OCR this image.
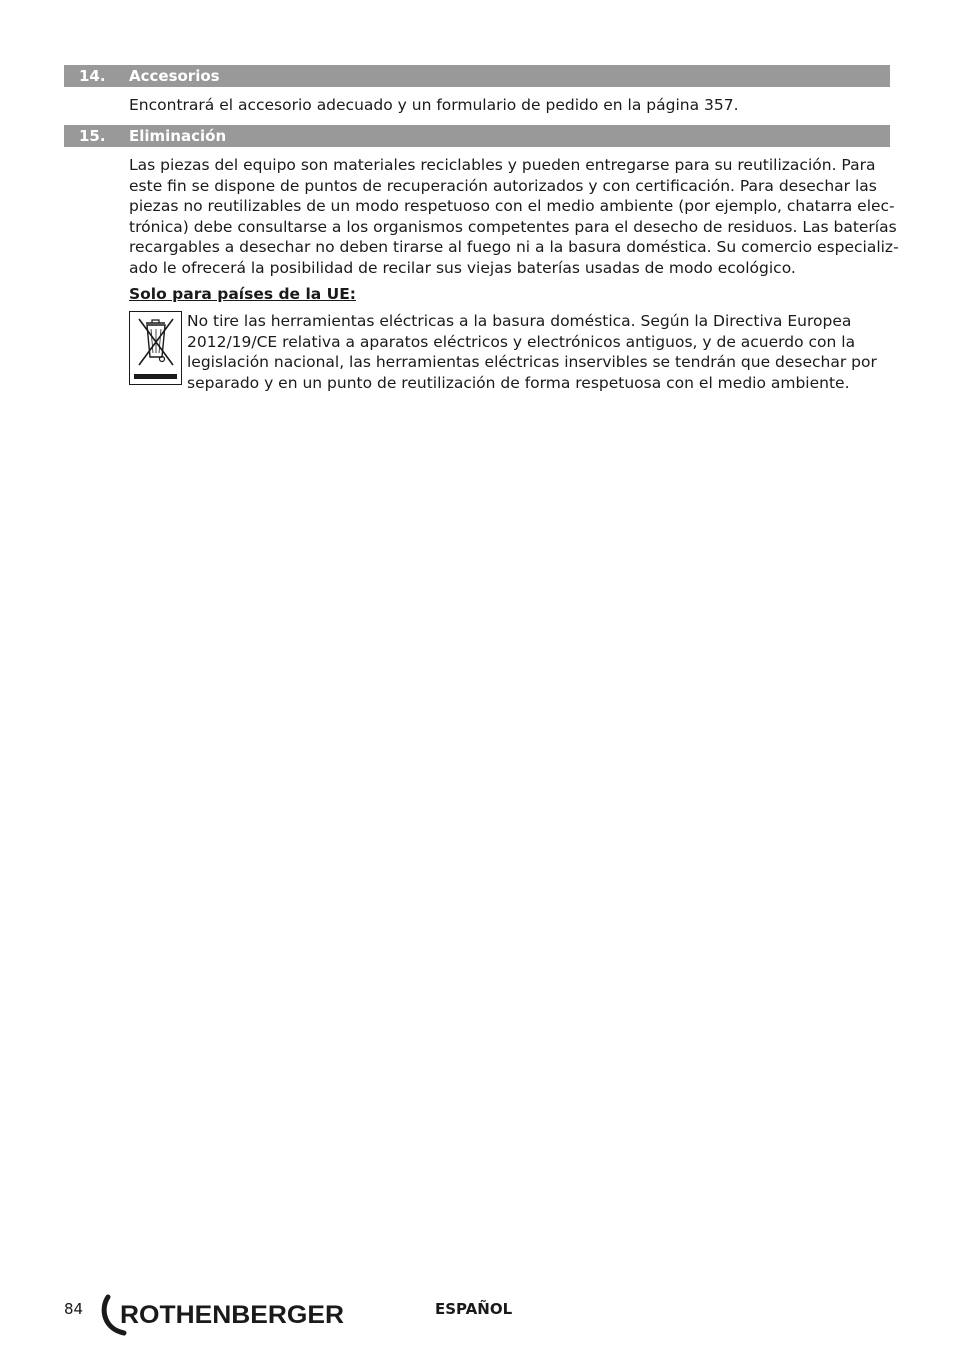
14. Accesorios

Encontrará el accesorio adecuado y un formulario de pedido en la página 357.

15. Eliminación

Las piezas del equipo son materiales reciclables y pueden entregarse para su reutilización. Para
este fin se dispone de puntos de recuperación autorizados y con certificación. Para desechar las
piezas no reutilizables de un modo respetuoso con el medio ambiente (por ejemplo, chatarra elec-
trónica) debe consultarse a los organismos competentes para el desecho de residuos. Las baterías
recargables a desechar no deben tirarse al fuego ni a la basura doméstica. Su comercio especializ-
ado le ofrecerá la posibilidad de recilar sus viejas baterías usadas de modo ecológico.

Solo para países de la UE:

No tire las herramientas eléctricas a la basura doméstica. Según la Directiva Europea
2012/19/CE relativa a aparatos eléctricos y electrónicos antiguos, y de acuerdo con la
legislación nacional, las herramientas eléctricas inservibles se tendrán que desechar por
separado y en un punto de reutilización de forma respetuosa con el medio ambiente.

84 ROTHENBERGER	ESPAÑOL
